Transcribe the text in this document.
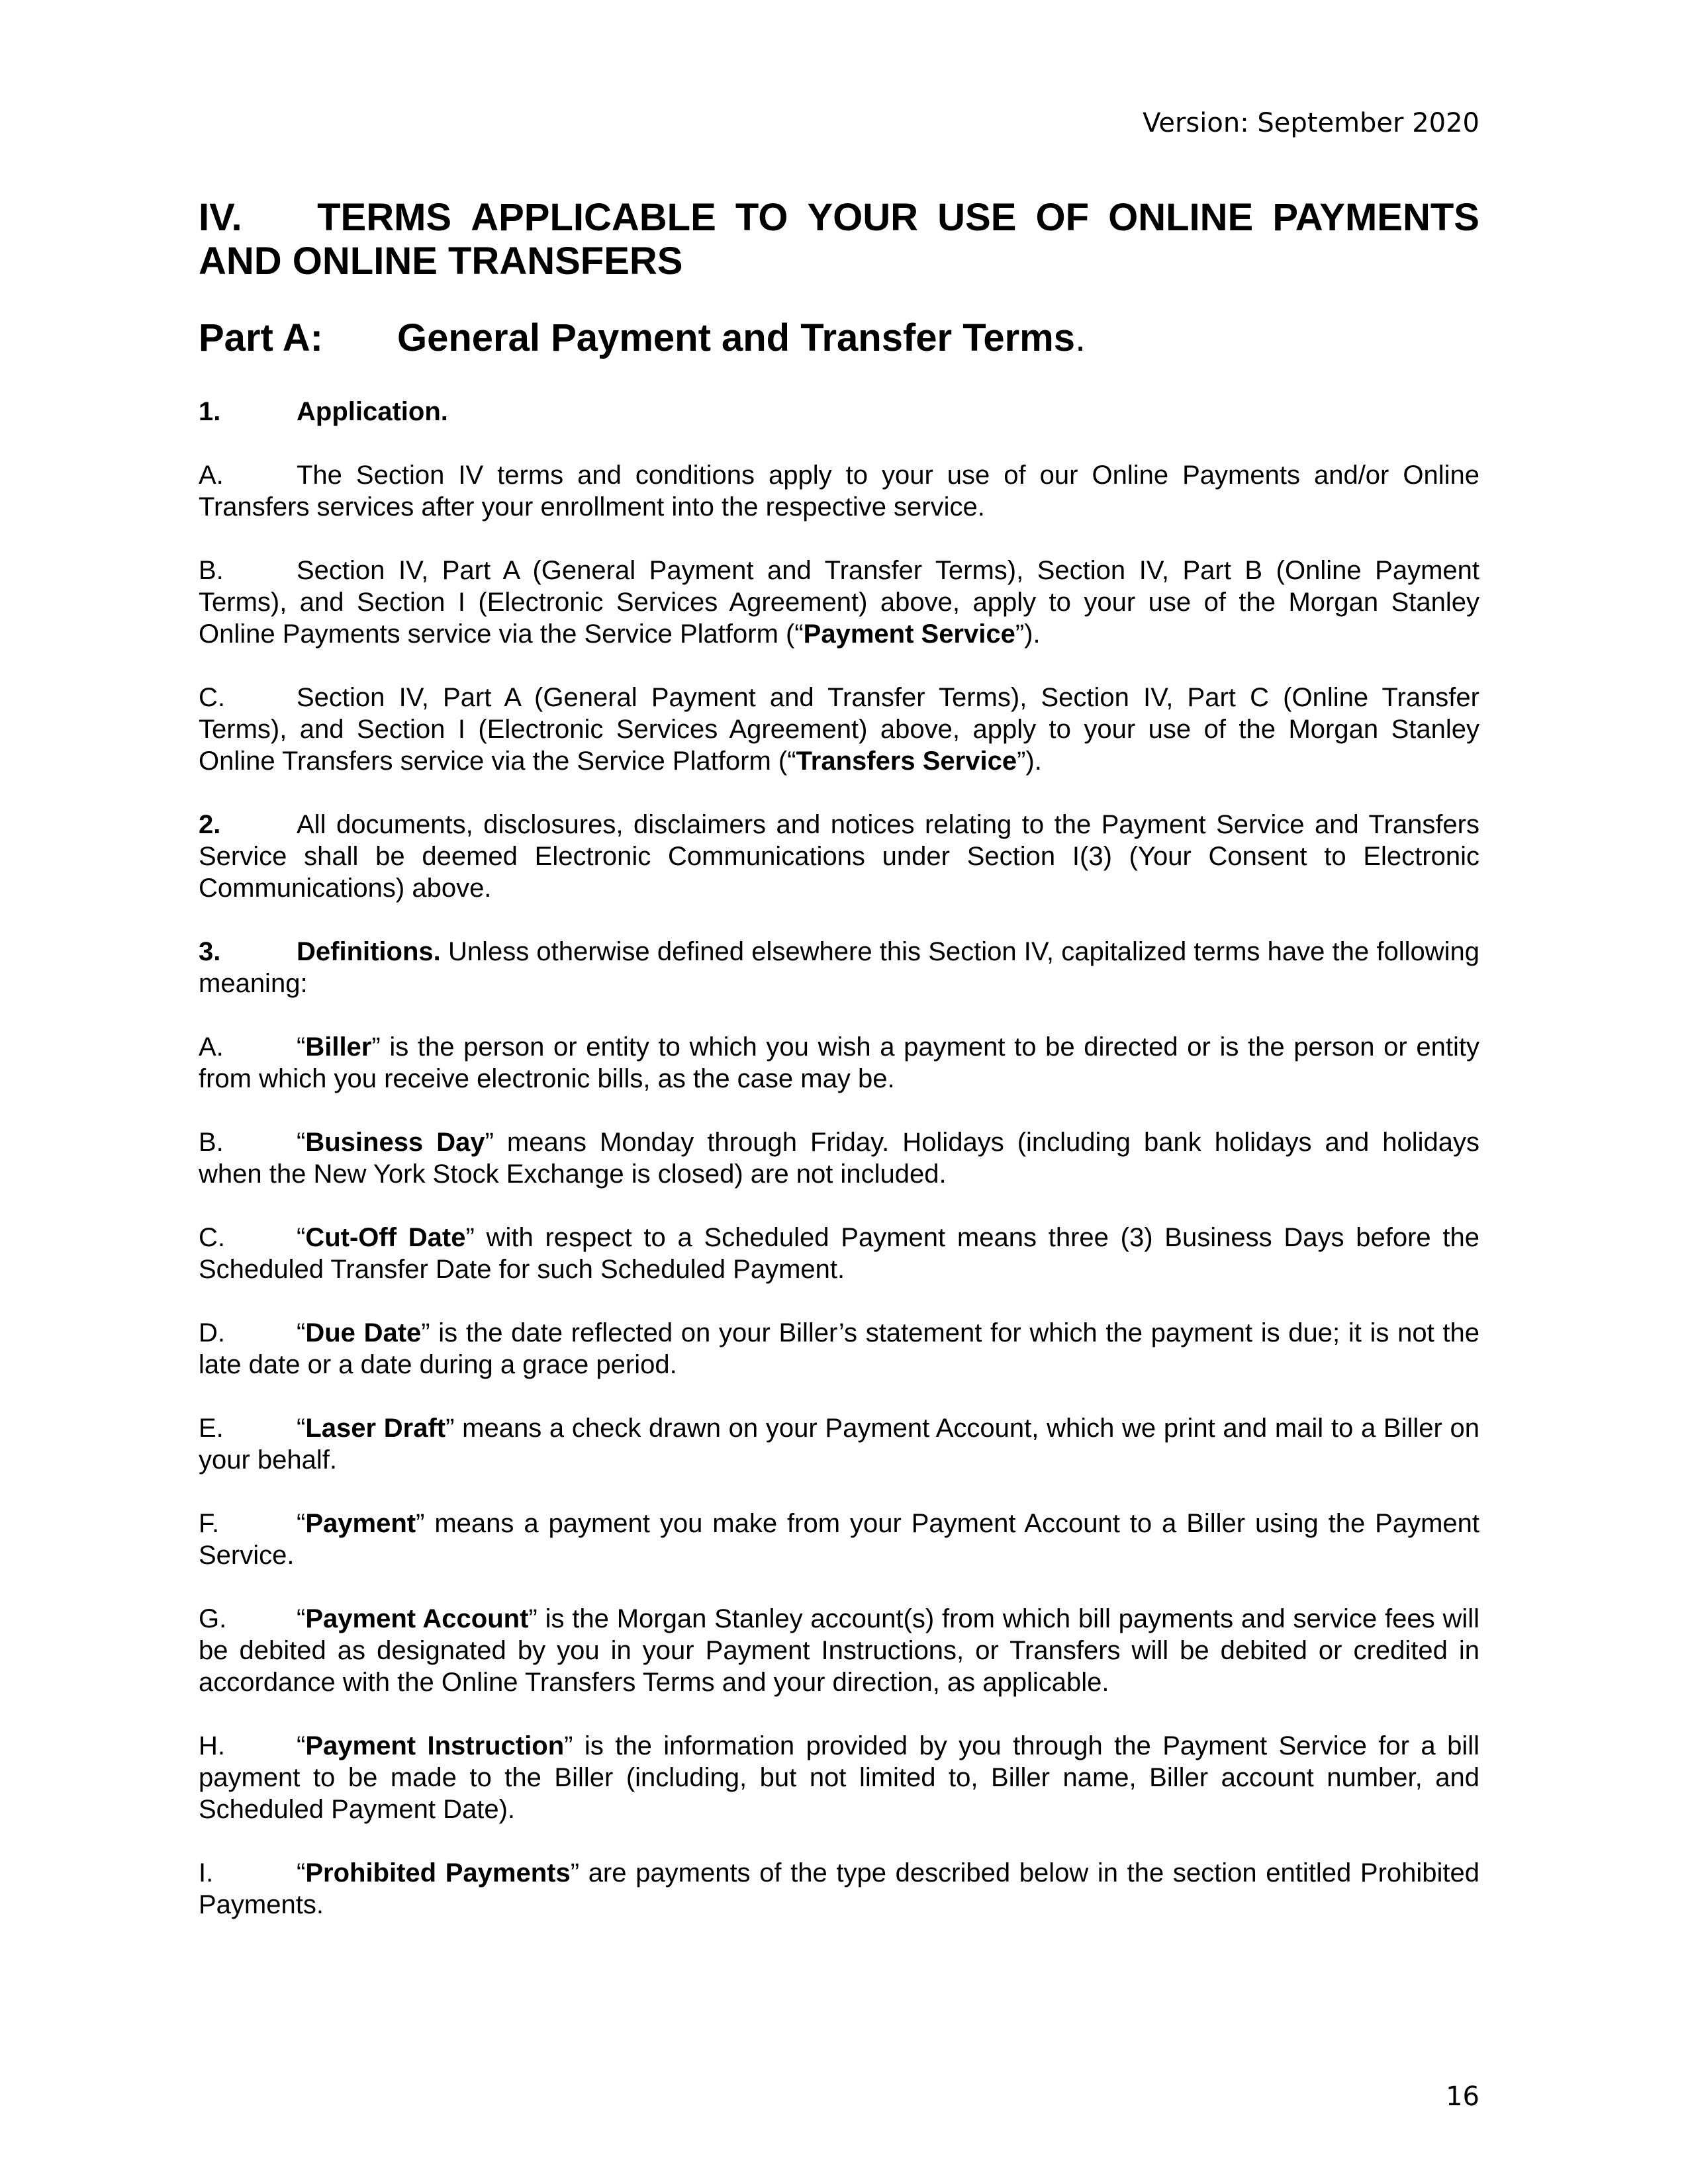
Version: September 2020
IV.	TERMS APPLICABLE TO YOUR USE OF ONLINE PAYMENTS
AND ONLINE TRANSFERS
Part A: General Payment and Transfer Terms.
1.	Application.
A.	The Section IV terms and conditions apply to your use of our Online Payments and/or Online Transfers services after your enrollment into the respective service.
B.	Section IV, Part A (General Payment and Transfer Terms), Section IV, Part B (Online Payment Terms), and Section I (Electronic Services Agreement) above, apply to your use of the Morgan Stanley Online Payments service via the Service Platform (“Payment Service”).
C.	Section IV, Part A (General Payment and Transfer Terms), Section IV, Part C (Online Transfer Terms), and Section I (Electronic Services Agreement) above, apply to your use of the Morgan Stanley Online Transfers service via the Service Platform (“Transfers Service”).
2.	All documents, disclosures, disclaimers and notices relating to the Payment Service and Transfers Service shall be deemed Electronic Communications under Section I(3) (Your Consent to Electronic Communications) above.
3.	Definitions. Unless otherwise defined elsewhere this Section IV, capitalized terms have the following meaning:
A.	“Biller” is the person or entity to which you wish a payment to be directed or is the person or entity from which you receive electronic bills, as the case may be.
B.	“Business Day” means Monday through Friday. Holidays (including bank holidays and holidays when the New York Stock Exchange is closed) are not included.
C.	“Cut-Off Date” with respect to a Scheduled Payment means three (3) Business Days before the Scheduled Transfer Date for such Scheduled Payment.
D.	“Due Date” is the date reflected on your Biller’s statement for which the payment is due; it is not the late date or a date during a grace period.
E.	“Laser Draft” means a check drawn on your Payment Account, which we print and mail to a Biller on your behalf.
F.	“Payment” means a payment you make from your Payment Account to a Biller using the Payment Service.
G.	“Payment Account” is the Morgan Stanley account(s) from which bill payments and service fees will be debited as designated by you in your Payment Instructions, or Transfers will be debited or credited in accordance with the Online Transfers Terms and your direction, as applicable.
H.	“Payment Instruction” is the information provided by you through the Payment Service for a bill payment to be made to the Biller (including, but not limited to, Biller name, Biller account number, and Scheduled Payment Date).
I.	“Prohibited Payments” are payments of the type described below in the section entitled Prohibited Payments.
16
